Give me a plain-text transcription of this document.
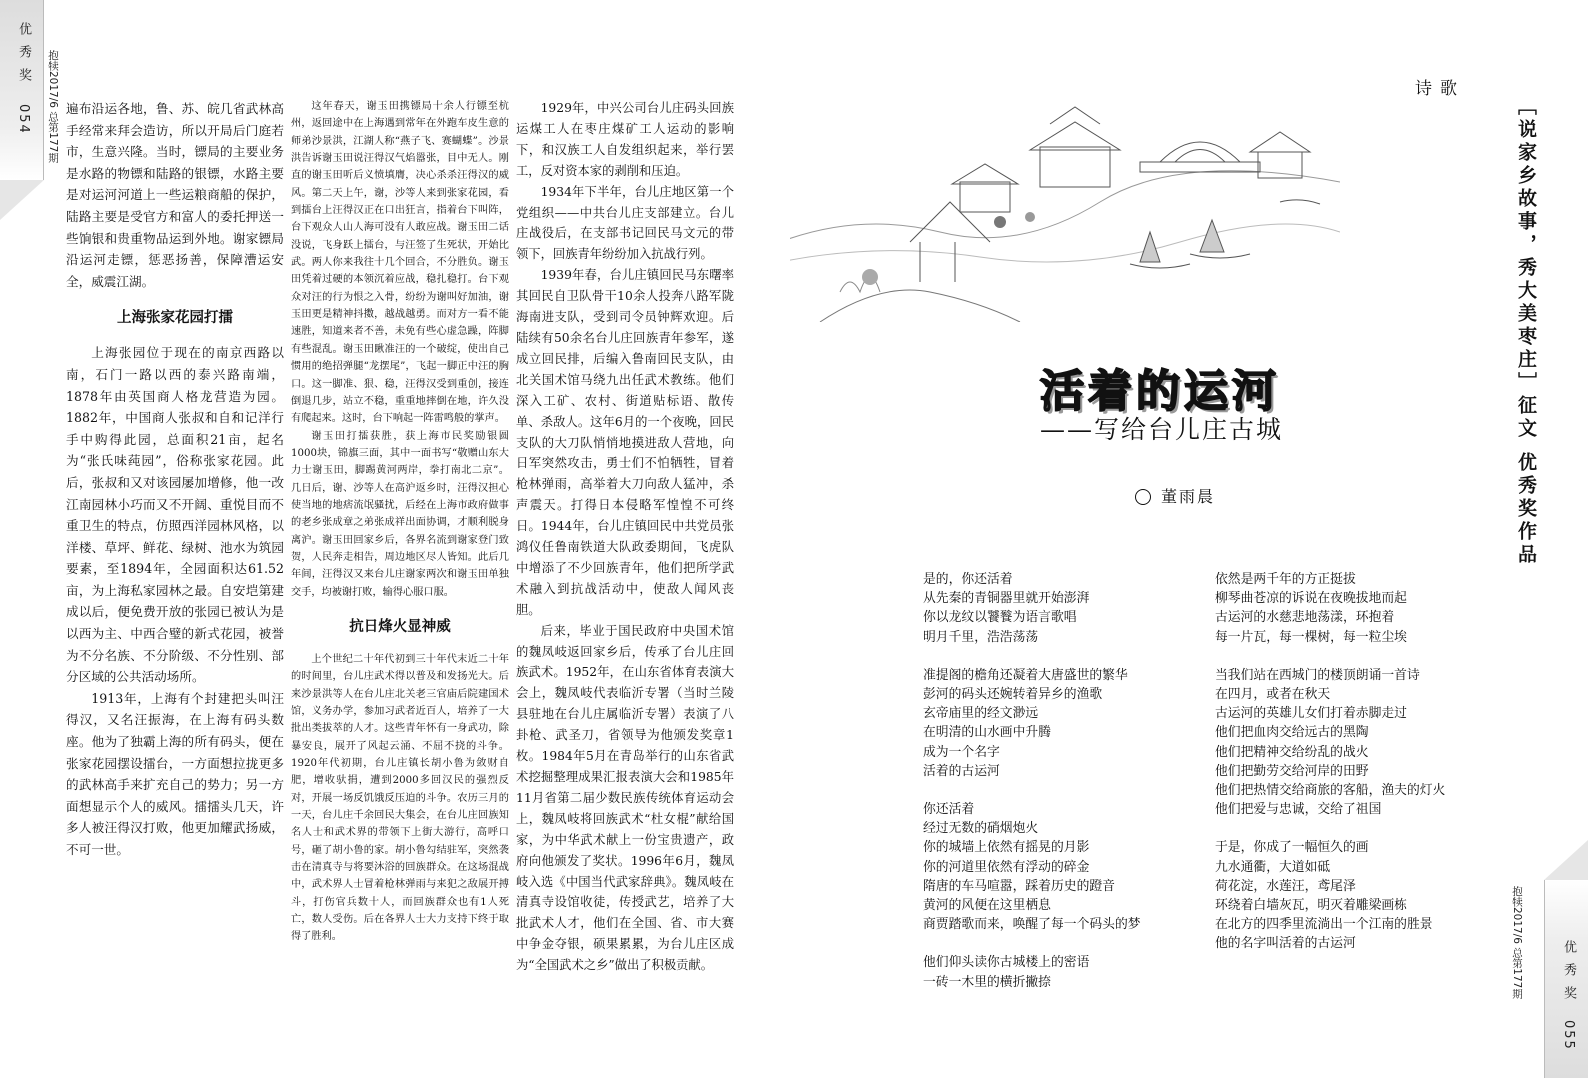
优秀奖
054 抱犊2017/6 总第177期 遍布沿运各地，鲁、苏、皖几省武林高手经常来拜会造访，所以开局后门庭若市，生意兴隆。当时，镖局的主要业务是水路的物镖和陆路的银镖，水路主要是对运河河道上一些运粮商船的保护，陆路主要是受官方和富人的委托押送一些饷银和贵重物品运到外地。谢家镖局沿运河走镖，惩恶扬善，保障漕运安全，威震江湖。

上海张家花园打擂

上海张园位于现在的南京西路以南，石门一路以西的泰兴路南端，1878年由英国商人格龙营造为园。1882年，中国商人张叔和自和记洋行手中购得此园，总面积21亩，起名为“张氏味莼园”，俗称张家花园。此后，张叔和又对该园屡加增修，他一改江南园林小巧而又不开阔、重悦目而不重卫生的特点，仿照西洋园林风格，以洋楼、草坪、鲜花、绿树、池水为筑园要素，至1894年，全园面积达61.52亩，为上海私家园林之最。自安垲第建成以后，便免费开放的张园已被认为是以西为主、中西合璧的新式花园，被誉为不分名族、不分阶级、不分性别、部分区域的公共活动场所。

1913年，上海有个封建把头叫汪得汉，又名汪振海，在上海有码头数座。他为了独霸上海的所有码头，便在张家花园摆设擂台，一方面想拉拢更多的武林高手来扩充自己的势力；另一方面想显示个人的威风。擂擂头几天，许多人被汪得汉打败，他更加耀武扬威，不可一世。

这年春天，谢玉田携镖局十余人行镖至杭州，返回途中在上海遇到常年在外跑车皮生意的师弟沙景洪，江湖人称“燕子飞、赛蝴蝶”。沙景洪告诉谢玉田说汪得汉气焰嚣张，目中无人。刚直的谢玉田听后义愤填膺，决心杀杀汪得汉的威风。第二天上午，谢，沙等人来到张家花园，看到擂台上汪得汉正在口出狂言，指着台下叫阵，台下观众人山人海可没有人敢应战。谢玉田二话没说，飞身跃上擂台，与汪签了生死状，开始比武。两人你来我往十几个回合，不分胜负。谢玉田凭着过硬的本领沉着应战，稳扎稳打。台下观众对汪的行为恨之入骨，纷纷为谢叫好加油，谢玉田更是精神抖擞，越战越勇。而对方一看不能速胜，知道来者不善，未免有些心虚急躁，阵脚有些混乱。谢玉田瞅准汪的一个破绽，使出自己惯用的绝招弹腿“龙摆尾”，飞起一脚正中汪的胸口。这一脚准、狠、稳，汪得汉受到重创，接连倒退几步，站立不稳，重重地摔倒在地，许久没有爬起来。这时，台下响起一阵雷鸣般的掌声。

谢玉田打擂获胜，获上海市民奖励银圆1000块，锦旗三面，其中一面书写“敬赠山东大力士谢玉田，脚踢黄河两岸，拳打南北二京”。几日后，谢、沙等人在高沪返乡时，汪得汉担心使当地的地痞流氓骚扰，后经在上海市政府做事的老乡张成章之弟张成祥出面协调，才顺利脱身离沪。谢玉田回家乡后，各界名流到谢家登门致贺，人民奔走相告，周边地区尽人皆知。此后几年间，汪得汉又来台儿庄谢家两次和谢玉田单独交手，均被谢打败，输得心服口服。

抗日烽火显神威

上个世纪二十年代初到三十年代末近二十年的时间里，台儿庄武术得以普及和发扬光大。后来沙景洪等人在台儿庄北关老三官庙后院建国术馆，义务办学，参加习武者近百人，培养了一大批出类拔萃的人才。这些青年怀有一身武功，除暴安良，展开了风起云涌、不屈不挠的斗争。1920年代初期，台儿庄镇长胡小鲁为敛财自肥，增收驮捐，遭到2000多回汉民的强烈反对，开展一场反饥饿反压迫的斗争。农历三月的一天，台儿庄千余回民大集会，在台儿庄回族知名人士和武术界的带领下上街大游行，高呼口号，砸了胡小鲁的家。胡小鲁勾结驻军，突然袭击在清真寺与将要沐浴的回族群众。在这场混战中，武术界人士冒着枪林弹雨与来犯之敌展开搏斗，打伤官兵数十人，而回族群众也有1人死亡，数人受伤。后在各界人士大力支持下终于取得了胜利。

1929年，中兴公司台儿庄码头回族运煤工人在枣庄煤矿工人运动的影响下，和汉族工人自发组织起来，举行罢工，反对资本家的剥削和压迫。

1934年下半年，台儿庄地区第一个党组织——中共台儿庄支部建立。台儿庄战役后，在支部书记回民马文元的带领下，回族青年纷纷加入抗战行列。

1939年春，台儿庄镇回民马东曙率其回民自卫队骨干10余人投奔八路军陇海南进支队，受到司令员钟辉欢迎。后陆续有50余名台儿庄回族青年参军，遂成立回民排，后编入鲁南回民支队，由北关国术馆马绕九出任武术教练。他们深入工矿、农村、街道贴标语、散传单、杀敌人。这年6月的一个夜晚，回民支队的大刀队悄悄地摸进敌人营地，向日军突然攻击，勇士们不怕牺牲，冒着枪林弹雨，高举着大刀向敌人猛冲，杀声震天。打得日本侵略军惶惶不可终日。1944年，台儿庄镇回民中共党员张鸿仪任鲁南铁道大队政委期间，飞虎队中增添了不少回族青年，他们把所学武术融入到抗战活动中，使敌人闻风丧胆。

后来，毕业于国民政府中央国术馆的魏凤岐返回家乡后，传承了台儿庄回族武术。1952年，在山东省体育表演大会上，魏凤岐代表临沂专署（当时兰陵县驻地在台儿庄属临沂专署）表演了八卦枪、武圣刀，省领导为他颁发奖章1枚。1984年5月在青岛举行的山东省武术挖掘整理成果汇报表演大会和1985年11月省第二届少数民族传统体育运动会上，魏凤岐将回族武术“杜女棍”献给国家，为中华武术献上一份宝贵遗产，政府向他颁发了奖状。1996年6月，魏凤岐入选《中国当代武家辞典》。魏凤岐在清真寺设馆收徒，传授武艺，培养了大批武术人才，他们在全国、省、市大赛中争金夺银，硕果累累，为台儿庄区成为“全国武术之乡”做出了积极贡献。

诗歌
［说家乡故事，秀大美枣庄］征文 优秀奖作品
活着的运河
——写给台儿庄古城
董雨晨
是的，你还活着
从先秦的青铜器里就开始澎湃
你以龙纹以饕餮为语言歌唱
明月千里，浩浩荡荡
准提阁的檐角还凝着大唐盛世的繁华
彭河的码头还婉转着异乡的渔歌
玄帝庙里的经文渺远
在明清的山水画中升腾
成为一个名字
活着的古运河
你还活着
经过无数的硝烟炮火
你的城墙上依然有摇晃的月影
你的河道里依然有浮动的碎金
隋唐的车马喧嚣，踩着历史的蹬音
黄河的风便在这里栖息
商贾踏歌而来，唤醒了每一个码头的梦
他们仰头读你古城楼上的密语
一砖一木里的横折撇捺
依然是两千年的方正挺拔
柳琴曲苍凉的诉说在夜晚拔地而起
古运河的水慈悲地荡漾，环抱着
每一片瓦，每一棵树，每一粒尘埃
当我们站在西城门的楼顶朗诵一首诗
在四月，或者在秋天
古运河的英雄儿女们打着赤脚走过
他们把血肉交给远古的黑陶
他们把精神交给纷乱的战火
他们把勤劳交给河岸的田野
他们把热情交给商旅的客船，渔夫的灯火
他们把爱与忠诚，交给了祖国
于是，你成了一幅恒久的画
九水通衢，大道如砥
荷花淀，水莲汪，鸢尾泽
环绕着白墙灰瓦，明灭着雕梁画栋
在北方的四季里流淌出一个江南的胜景
他的名字叫活着的古运河	抱犊2017/6 总第177期	优秀奖
055
